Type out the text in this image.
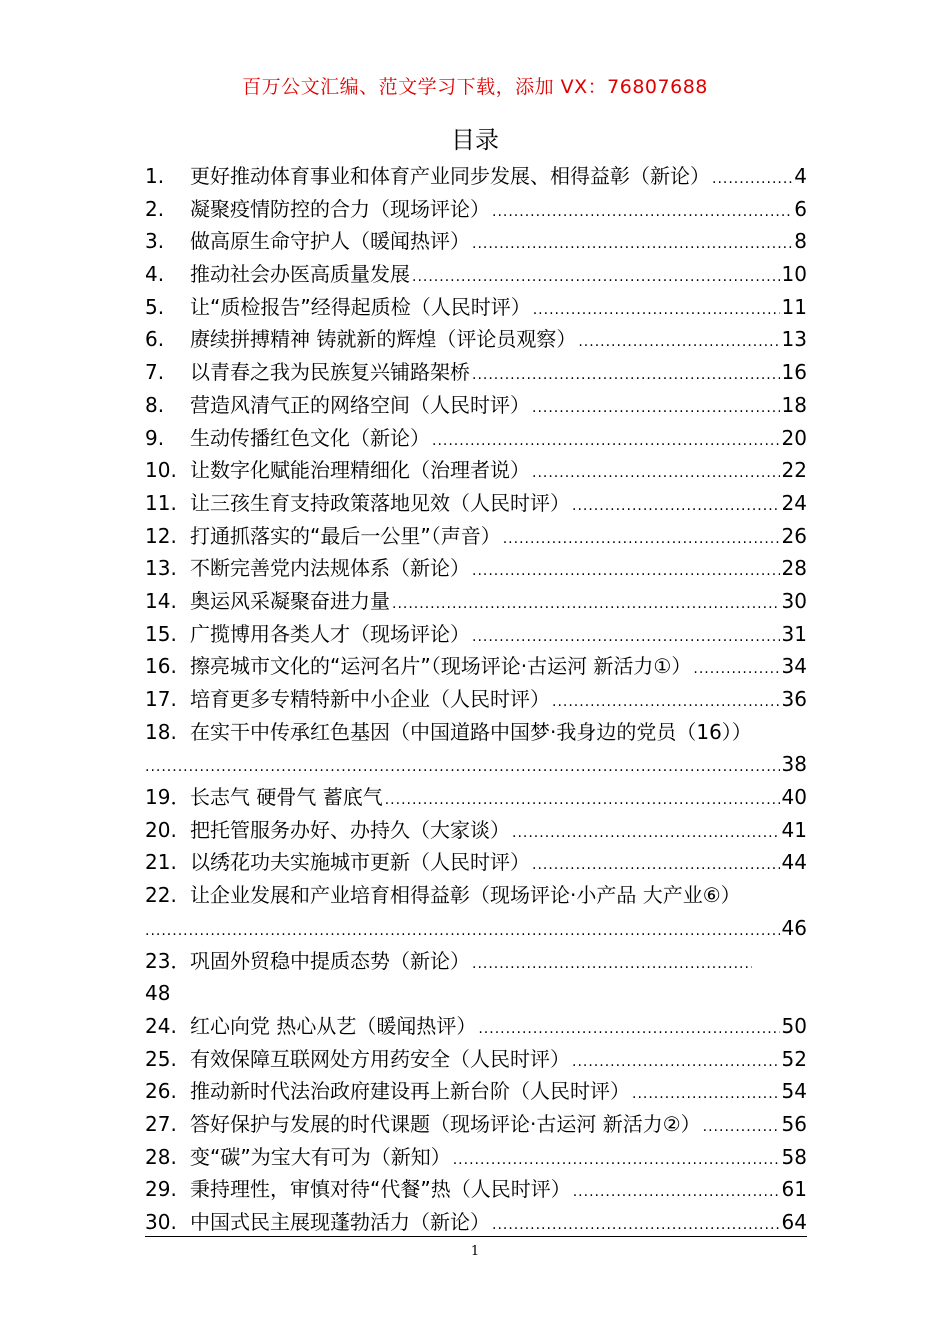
百万公文汇编、范文学习下载，添加 VX：76807688
目录
1.	更好推动体育事业和体育产业同步发展、相得益彰（新论） .....	4
2.	凝聚疫情防控的合力（现场评论） .....	6
3.	做高原生命守护人（暖闻热评） .....	8
4.	推动社会办医高质量发展 .....	10
5.	让“质检报告”经得起质检（人民时评） .....	11
6.	赓续拼搏精神 铸就新的辉煌（评论员观察） .....	13
7.	以青春之我为民族复兴铺路架桥 .....	16
8.	营造风清气正的网络空间（人民时评） .....	18
9.	生动传播红色文化（新论） .....	20
10. 让数字化赋能治理精细化（治理者说） .....	22
11. 让三孩生育支持政策落地见效（人民时评） .....	24
12. 打通抓落实的“最后一公里”（声音） .....	26
13. 不断完善党内法规体系（新论） .....	28
14. 奥运风采凝聚奋进力量 .....	30
15. 广揽博用各类人才（现场评论） .....	31
16. 擦亮城市文化的“运河名片”（现场评论·古运河 新活力①） .....	34
17. 培育更多专精特新中小企业（人民时评） .....	36
18. 在实干中传承红色基因（中国道路中国梦·我身边的党员（16））
.....
38
19． 长志气 硬骨气 蓄底气 .....	40
20. 把托管服务办好、办持久（大家谈） .....	41
21. 以绣花功夫实施城市更新（人民时评） .....	44
22. 让企业发展和产业培育相得益彰（现场评论·小产品 大产业⑥）
.....
46
23． 巩固外贸稳中提质态势（新论）
.....
48
24. 红心向党 热心从艺（暖闻热评） .....	50
25. 有效保障互联网处方用药安全（人民时评） .....	52
26. 推动新时代法治政府建设再上新台阶（人民时评） .....	54
27. 答好保护与发展的时代课题（现场评论·古运河 新活力②） .....	56
28. 变“碳”为宝大有可为（新知） .....	58
29. 秉持理性，审慎对待“代餐”热（人民时评） .....	61
30. 中国式民主展现蓬勃活力（新论） .....	64
1
